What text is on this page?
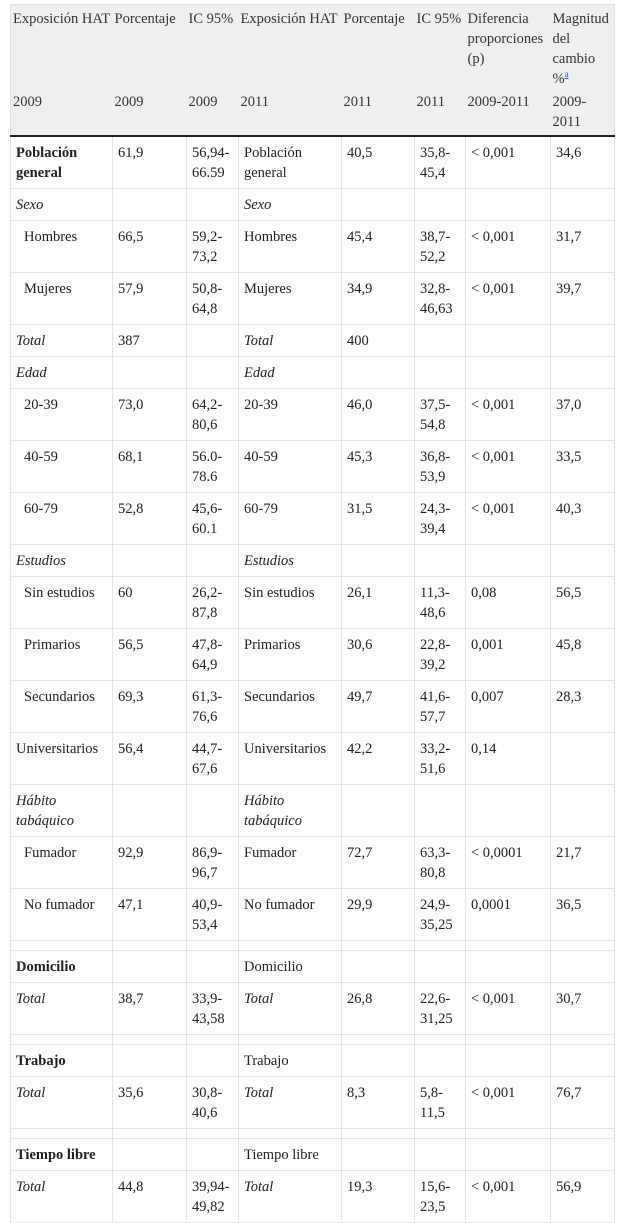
Exposición HAT	Porcentaje	IC 95%	Exposición HAT	Porcentaje	IC 95%	Diferencia proporciones (p)	Magnitud del cambio %$^a$
2009	2009	2009	2011	2011	2011	2009-2011	2009-2011
Población general	61,9	56,94-66.59	Población general	40,5	35,8-45,4	< 0,001	34,6
Sexo			Sexo				
Hombres	66,5	59,2-73,2	Hombres	45,4	38,7-52,2	< 0,001	31,7
Mujeres	57,9	50,8-64,8	Mujeres	34,9	32,8-46,63	< 0,001	39,7
Total	387		Total	400			
Edad			Edad				
20-39	73,0	64,2-80,6	20-39	46,0	37,5-54,8	< 0,001	37,0
40-59	68,1	56.0-78.6	40-59	45,3	36,8-53,9	< 0,001	33,5
60-79	52,8	45,6-60.1	60-79	31,5	24,3-39,4	< 0,001	40,3
Estudios			Estudios				
Sin estudios	60	26,2-87,8	Sin estudios	26,1	11,3-48,6	0,08	56,5
Primarios	56,5	47,8-64,9	Primarios	30,6	22,8-39,2	0,001	45,8
Secundarios	69,3	61,3-76,6	Secundarios	49,7	41,6-57,7	0,007	28,3
Universitarios	56,4	44,7-67,6	Universitarios	42,2	33,2-51,6	0,14	
Hábito tabáquico			Hábito tabáquico				
Fumador	92,9	86,9-96,7	Fumador	72,7	63,3-80,8	< 0,0001	21,7
No fumador	47,1	40,9-53,4	No fumador	29,9	24,9-35,25	0,0001	36,5

Domicilio			Domicilio				
Total	38,7	33,9-43,58	Total	26,8	22,6-31,25	< 0,001	30,7

Trabajo			Trabajo				
Total	35,6	30,8-40,6	Total	8,3	5,8-11,5	< 0,001	76,7

Tiempo libre			Tiempo libre				
Total	44,8	39,94-49,82	Total	19,3	15,6-23,5	< 0,001	56,9
